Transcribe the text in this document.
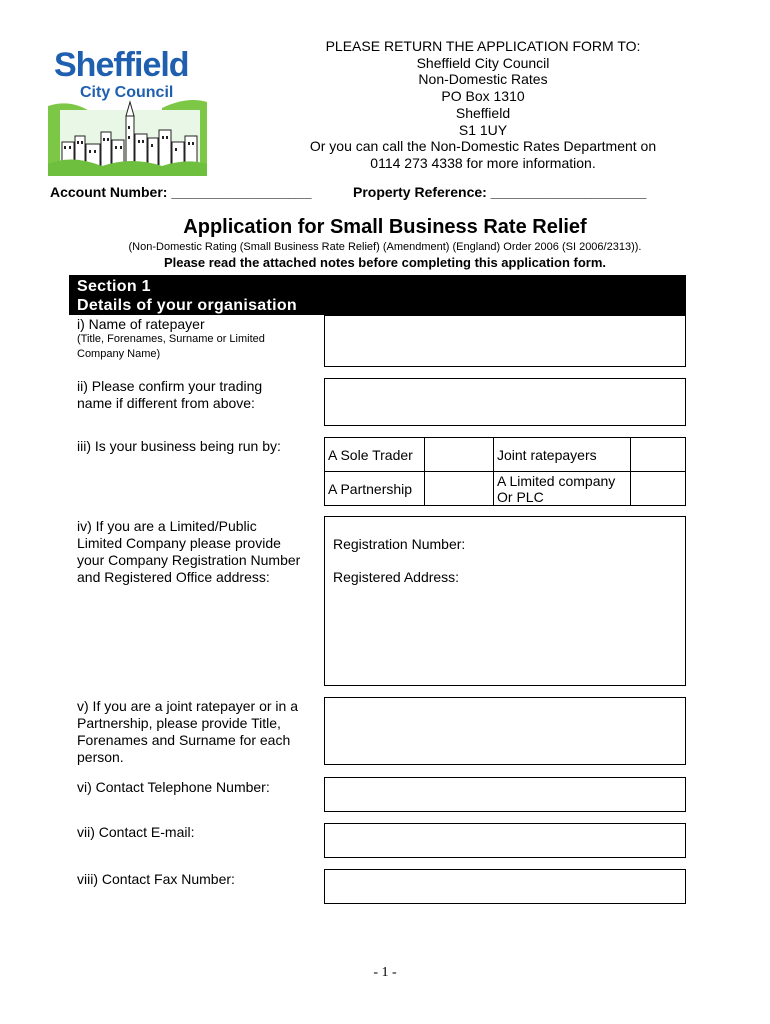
Sheffield
City Council
PLEASE RETURN THE APPLICATION FORM TO:
Sheffield City Council
Non-Domestic Rates
PO Box 1310
Sheffield
S1 1UY
Or you can call the Non-Domestic Rates Department on
0114 273 4338 for more information.
Account Number: __________________	Property Reference: ____________________
Application for Small Business Rate Relief
(Non-Domestic Rating (Small Business Rate Relief) (Amendment) (England) Order 2006 (SI 2006/2313)).
Please read the attached notes before completing this application form.
Section 1
Details of your organisation
i) Name of ratepayer
(Title, Forenames, Surname or Limited
Company Name)
ii) Please confirm your trading
name if different from above:
iii) Is your business being run by:
A Sole Trader		Joint ratepayers	
A Partnership		A Limited company
Or PLC	

iv) If you are a Limited/Public
Limited Company please provide
your Company Registration Number
and Registered Office address:
Registration Number:
Registered Address:
v) If you are a joint ratepayer or in a
Partnership, please provide Title,
Forenames and Surname for each
person.
vi) Contact Telephone Number:
vii) Contact E-mail:
viii) Contact Fax Number:
- 1 -
